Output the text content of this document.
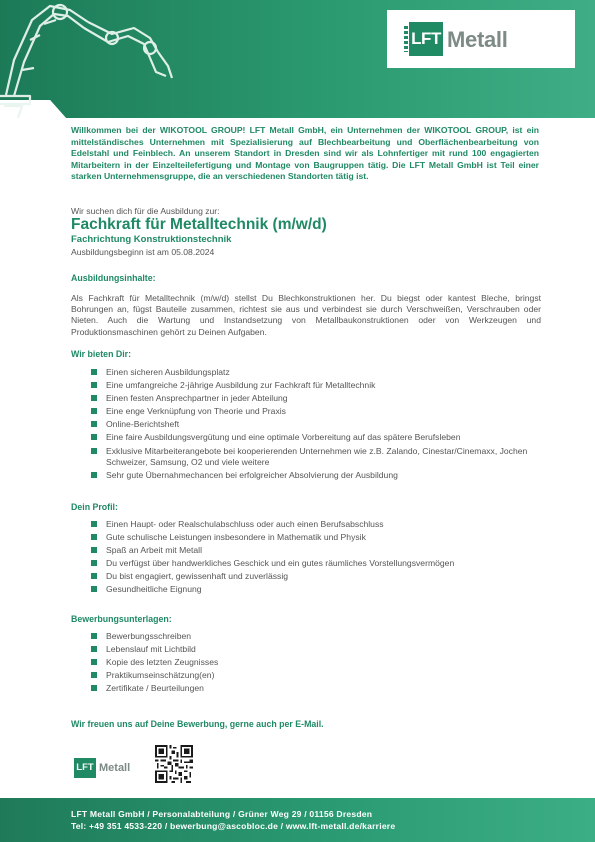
LFT Metall

Willkommen bei der WIKOTOOL GROUP! LFT Metall GmbH, ein Unternehmen der WIKOTOOL GROUP, ist ein mittelständisches Unternehmen mit Spezialisierung auf Blechbearbeitung und Oberflächenbearbeitung von Edelstahl und Feinblech. An unserem Standort in Dresden sind wir als Lohnfertiger mit rund 100 engagierten Mitarbeitern in der Einzelteilefertigung und Montage von Baugruppen tätig. Die LFT Metall GmbH ist Teil einer starken Unternehmensgruppe, die an verschiedenen Standorten tätig ist.

Wir suchen dich für die Ausbildung zur:
Fachkraft für Metalltechnik (m/w/d)
Fachrichtung Konstruktionstechnik
Ausbildungsbeginn ist am 05.08.2024
Ausbildungsinhalte:

Als Fachkraft für Metalltechnik (m/w/d) stellst Du Blechkonstruktionen her. Du biegst oder kantest Bleche, bringst Bohrungen an, fügst Bauteile zusammen, richtest sie aus und verbindest sie durch Verschweißen, Verschrauben oder Nieten. Auch die Wartung und Instandsetzung von Metallbaukonstruktionen oder von Werkzeugen und Produktionsmaschinen gehört zu Deinen Aufgaben.

Wir bieten Dir:
Einen sicheren Ausbildungsplatz
Eine umfangreiche 2-jährige Ausbildung zur Fachkraft für Metalltechnik
Einen festen Ansprechpartner in jeder Abteilung
Eine enge Verknüpfung von Theorie und Praxis
Online-Berichtsheft
Eine faire Ausbildungsvergütung und eine optimale Vorbereitung auf das spätere Berufsleben
Exklusive Mitarbeiterangebote bei kooperierenden Unternehmen wie z.B. Zalando, Cinestar/Cinemaxx, Jochen Schweizer, Samsung, O2 und viele weitere
Sehr gute Übernahmechancen bei erfolgreicher Absolvierung der Ausbildung
Dein Profil:
Einen Haupt- oder Realschulabschluss oder auch einen Berufsabschluss
Gute schulische Leistungen insbesondere in Mathematik und Physik
Spaß an Arbeit mit Metall
Du verfügst über handwerkliches Geschick und ein gutes räumliches Vorstellungsvermögen
Du bist engagiert, gewissenhaft und zuverlässig
Gesundheitliche Eignung
Bewerbungsunterlagen:
Bewerbungsschreiben
Lebenslauf mit Lichtbild
Kopie des letzten Zeugnisses
Praktikumseinschätzung(en)
Zertifikate / Beurteilungen
Wir freuen uns auf Deine Bewerbung, gerne auch per E-Mail.
LFT Metall
LFT Metall GmbH / Personalabteilung / Grüner Weg 29 / 01156 Dresden
Tel: +49 351 4533-220 / bewerbung@ascobloc.de / www.lft-metall.de/karriere
